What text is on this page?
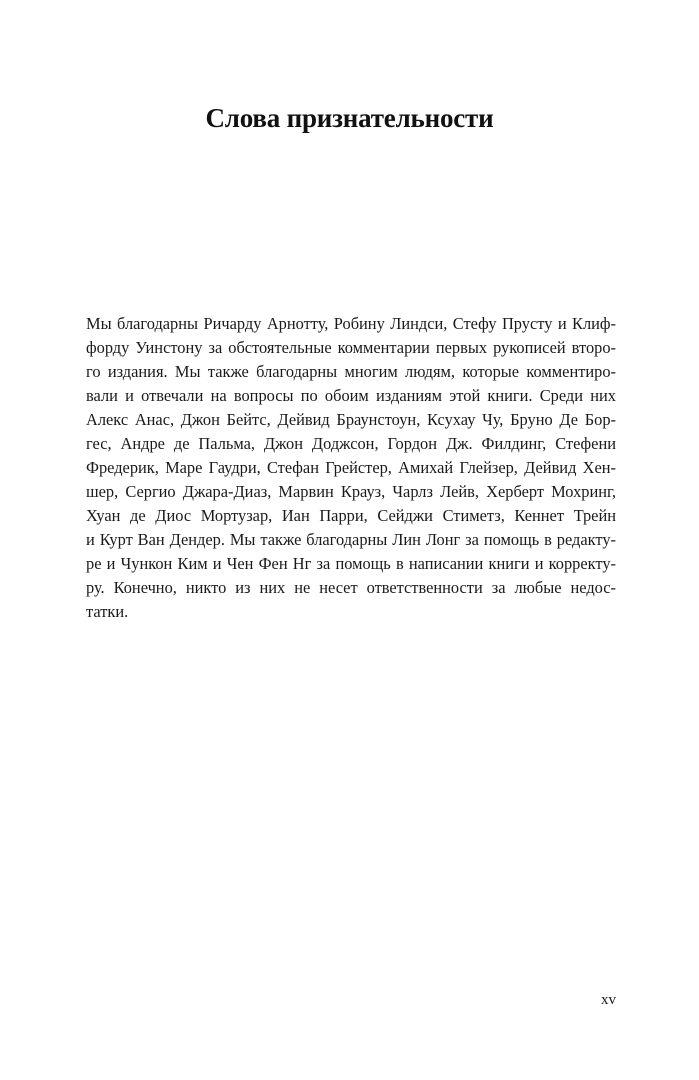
Слова признательности
Мы благодарны Ричарду Арнотту, Робину Линдси, Стефу Прусту и Клиф-
форду Уинстону за обстоятельные комментарии первых рукописей второ-
го издания. Мы также благодарны многим людям, которые комментиро-
вали и отвечали на вопросы по обоим изданиям этой книги. Среди них
Алекс Анас, Джон Бейтс, Дейвид Браунстоун, Ксухау Чу, Бруно Де Бор-
гес, Андре де Пальма, Джон Доджсон, Гордон Дж. Филдинг, Стефени
Фредерик, Маре Гаудри, Стефан Грейстер, Амихай Глейзер, Дейвид Хен-
шер, Сергио Джара-Диаз, Марвин Крауз, Чарлз Лейв, Херберт Мохринг,
Хуан де Диос Мортузар, Иан Парри, Сейджи Стиметз, Кеннет Трейн
и Курт Ван Дендер. Мы также благодарны Лин Лонг за помощь в редакту-
ре и Чункон Ким и Чен Фен Нг за помощь в написании книги и корректу-
ру. Конечно, никто из них не несет ответственности за любые недос-
татки.
xv
